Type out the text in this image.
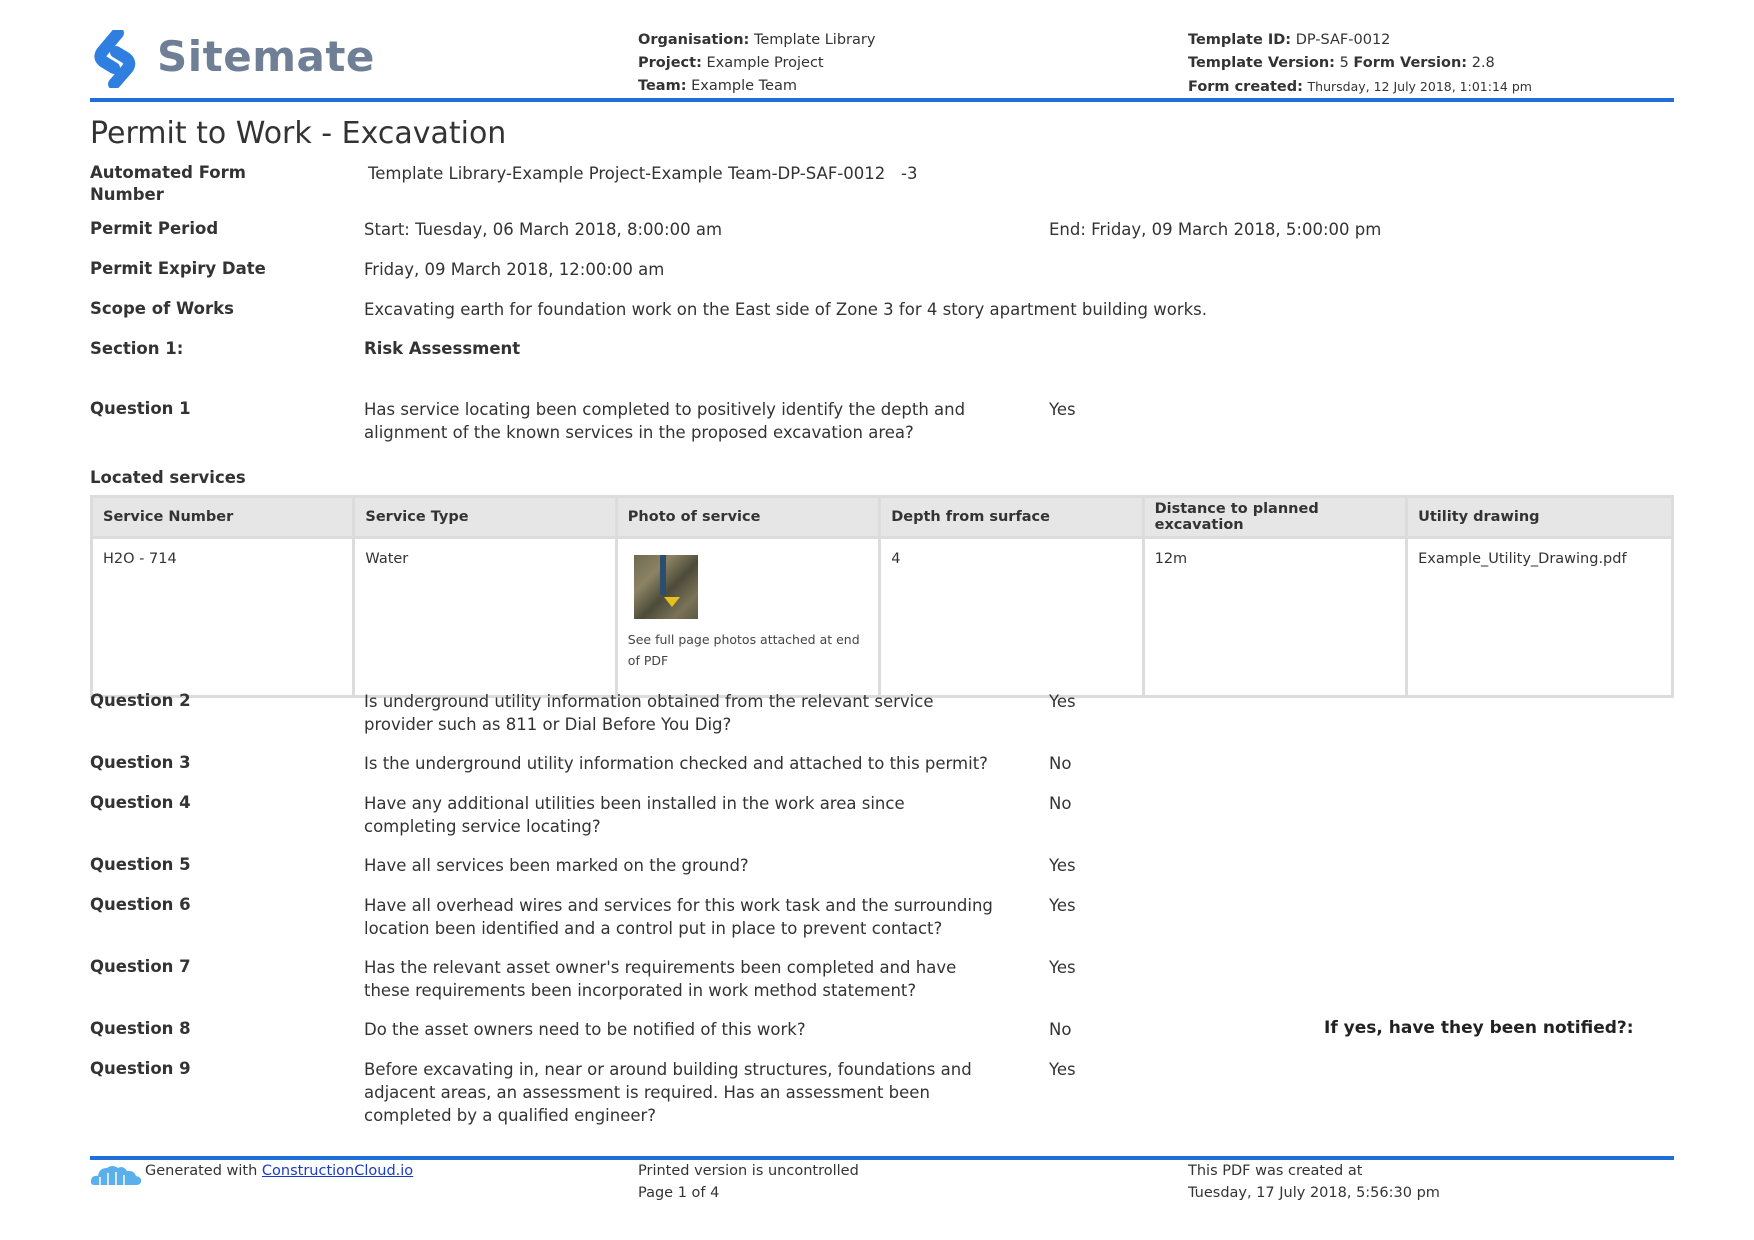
Sitemate	Organisation: Template Library
Project: Example Project
Team: Example Team
Template ID: DP-SAF-0012
Template Version: 5 Form Version: 2.8
Form created: Thursday, 12 July 2018, 1:01:14 pm
Permit to Work - Excavation
Automated Form Number
Template Library-Example Project-Example Team-DP-SAF-0012   -3
Permit Period	Start: Tuesday, 06 March 2018, 8:00:00 am	End: Friday, 09 March 2018, 5:00:00 pm
Permit Expiry Date	Friday, 09 March 2018, 12:00:00 am
Scope of Works	Excavating earth for foundation work on the East side of Zone 3 for 4 story apartment building works.
Section 1:	Risk Assessment
Question 1	Has service locating been completed to positively identify the depth and alignment of the known services in the proposed excavation area?
Yes
Located services
Service Number	Service Type	Photo of service	Depth from surface	Distance to planned excavation	Utility drawing
H2O - 714	Water	See full page photos attached at end of PDF	4	12m	Example_Utility_Drawing.pdf
Question 2	Is underground utility information obtained from the relevant service provider such as 811 or Dial Before You Dig?
Yes
Question 3	Is the underground utility information checked and attached to this permit?	No
Question 4	Have any additional utilities been installed in the work area since completing service locating?
No
Question 5	Have all services been marked on the ground?	Yes
Question 6	Have all overhead wires and services for this work task and the surrounding location been identified and a control put in place to prevent contact?
Yes
Question 7	Has the relevant asset owner's requirements been completed and have these requirements been incorporated in work method statement?
Yes
Question 8	Do the asset owners need to be notified of this work?	No	If yes, have they been notified?:
Question 9	Before excavating in, near or around building structures, foundations and adjacent areas, an assessment is required. Has an assessment been completed by a qualified engineer?
Yes
Generated with ConstructionCloud.io	Printed version is uncontrolled
Page 1 of 4
This PDF was created at
Tuesday, 17 July 2018, 5:56:30 pm
